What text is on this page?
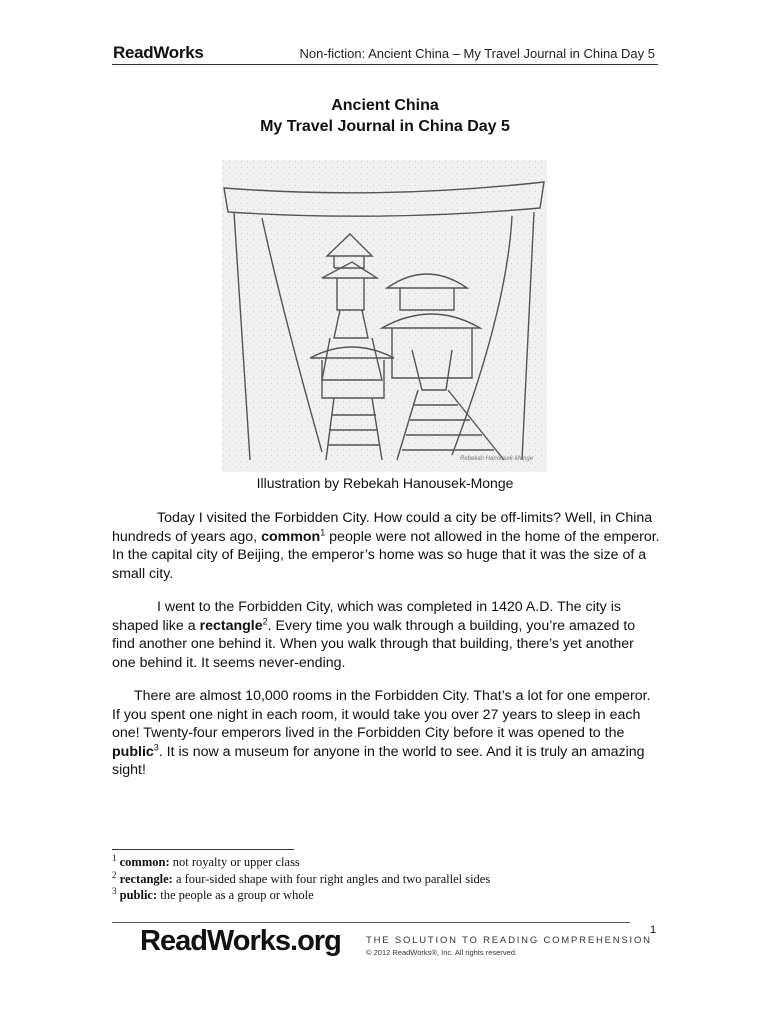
ReadWorks	Non-fiction: Ancient China – My Travel Journal in China Day 5
Ancient China
My Travel Journal in China Day 5
Rebekah Hanousek-Monge
Illustration by Rebekah Hanousek-Monge

Today I visited the Forbidden City. How could a city be off-limits? Well, in China hundreds of years ago, common$^1$ people were not allowed in the home of the emperor. In the capital city of Beijing, the emperor’s home was so huge that it was the size of a small city.

I went to the Forbidden City, which was completed in 1420 A.D. The city is shaped like a rectangle$^2$. Every time you walk through a building, you’re amazed to find another one behind it. When you walk through that building, there’s yet another one behind it. It seems never-ending.

There are almost 10,000 rooms in the Forbidden City. That’s a lot for one emperor. If you spent one night in each room, it would take you over 27 years to sleep in each one! Twenty-four emperors lived in the Forbidden City before it was opened to the public$^3$. It is now a museum for anyone in the world to see. And it is truly an amazing sight!

$^1$ common: not royalty or upper class
$^2$ rectangle: a four-sided shape with four right angles and two parallel sides
$^3$ public: the people as a group or whole
1
ReadWorks.org	THE SOLUTION TO READING COMPREHENSION
© 2012 ReadWorks®, Inc. All rights reserved.
